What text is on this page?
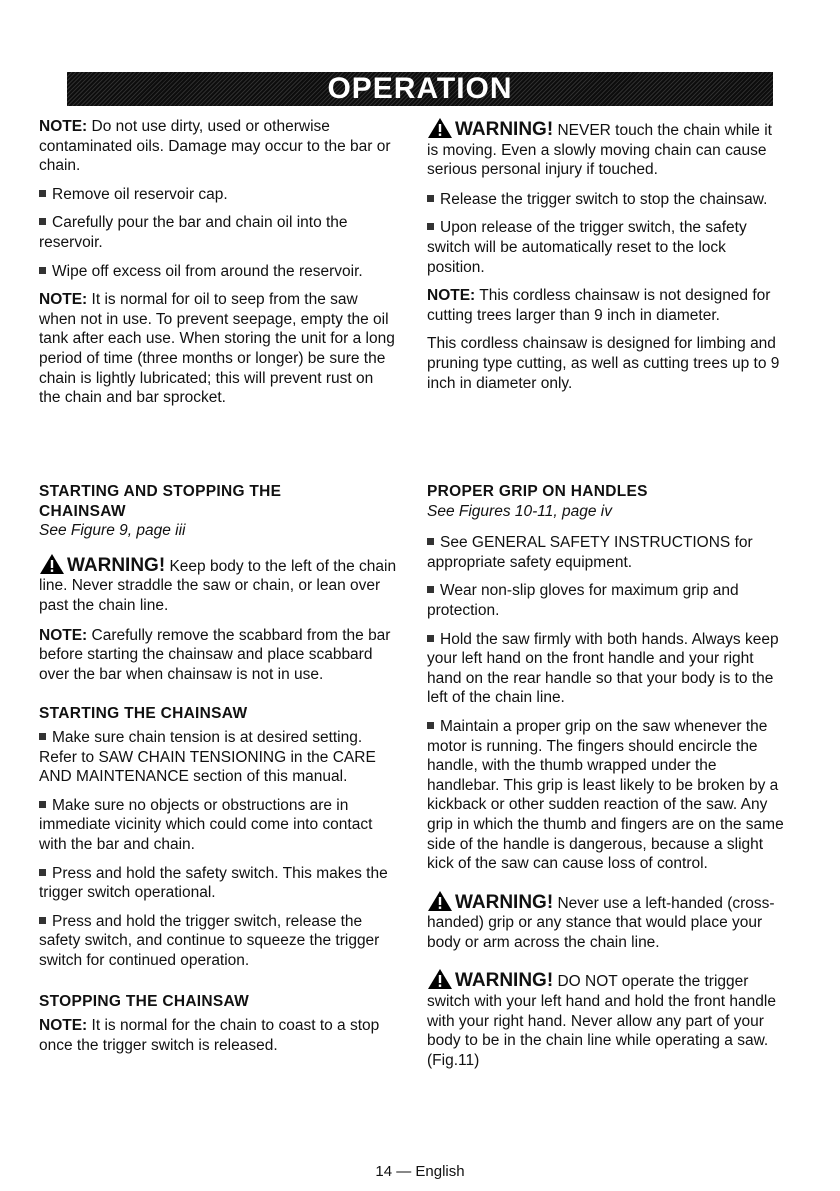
OPERATION

NOTE: Do not use dirty, used or otherwise contaminated oils. Damage may occur to the bar or chain.

Remove oil reservoir cap.

Carefully pour the bar and chain oil into the reservoir.

Wipe off excess oil from around the reservoir.

NOTE: It is normal for oil to seep from the saw when not in use. To prevent seepage, empty the oil tank after each use. When storing the unit for a long period of time (three months or longer) be sure the chain is lightly lubricated; this will prevent rust on the chain and bar sprocket.

WARNING! NEVER touch the chain while it is moving. Even a slowly moving chain can cause serious personal injury if touched.

Release the trigger switch to stop the chainsaw.

Upon release of the trigger switch, the safety switch will be automatically reset to the lock position.

NOTE: This cordless chainsaw is not designed for cutting trees larger than 9 inch in diameter.

This cordless chainsaw is designed for limbing and pruning type cutting, as well as cutting trees up to 9 inch in diameter only.

STARTING AND STOPPING THE
CHAINSAW

See Figure 9, page iii

WARNING! Keep body to the left of the chain line. Never straddle the saw or chain, or lean over past the chain line.

NOTE: Carefully remove the scabbard from the bar before starting the chainsaw and place scabbard over the bar when chainsaw is not in use.

STARTING THE CHAINSAW

Make sure chain tension is at desired setting. Refer to SAW CHAIN TENSIONING in the CARE AND MAINTENANCE section of this manual.

Make sure no objects or obstructions are in immediate vicinity which could come into contact with the bar and chain.

Press and hold the safety switch. This makes the trigger switch operational.

Press and hold the trigger switch, release the safety switch, and continue to squeeze the trigger switch for continued operation.

STOPPING THE CHAINSAW

NOTE: It is normal for the chain to coast to a stop once the trigger switch is released.

PROPER GRIP ON HANDLES

See Figures 10-11, page iv

See GENERAL SAFETY INSTRUCTIONS for appropriate safety equipment.

Wear non-slip gloves for maximum grip and protection.

Hold the saw firmly with both hands. Always keep your left hand on the front handle and your right hand on the rear handle so that your body is to the left of the chain line.

Maintain a proper grip on the saw whenever the motor is running. The fingers should encircle the handle, with the thumb wrapped under the handlebar. This grip is least likely to be broken by a kickback or other sudden reaction of the saw. Any grip in which the thumb and fingers are on the same side of the handle is dangerous, because a slight kick of the saw can cause loss of control.

WARNING! Never use a left-handed (cross-handed) grip or any stance that would place your body or arm across the chain line.

WARNING! DO NOT operate the trigger switch with your left hand and hold the front handle with your right hand. Never allow any part of your body to be in the chain line while operating a saw. (Fig.11)

14 — English
